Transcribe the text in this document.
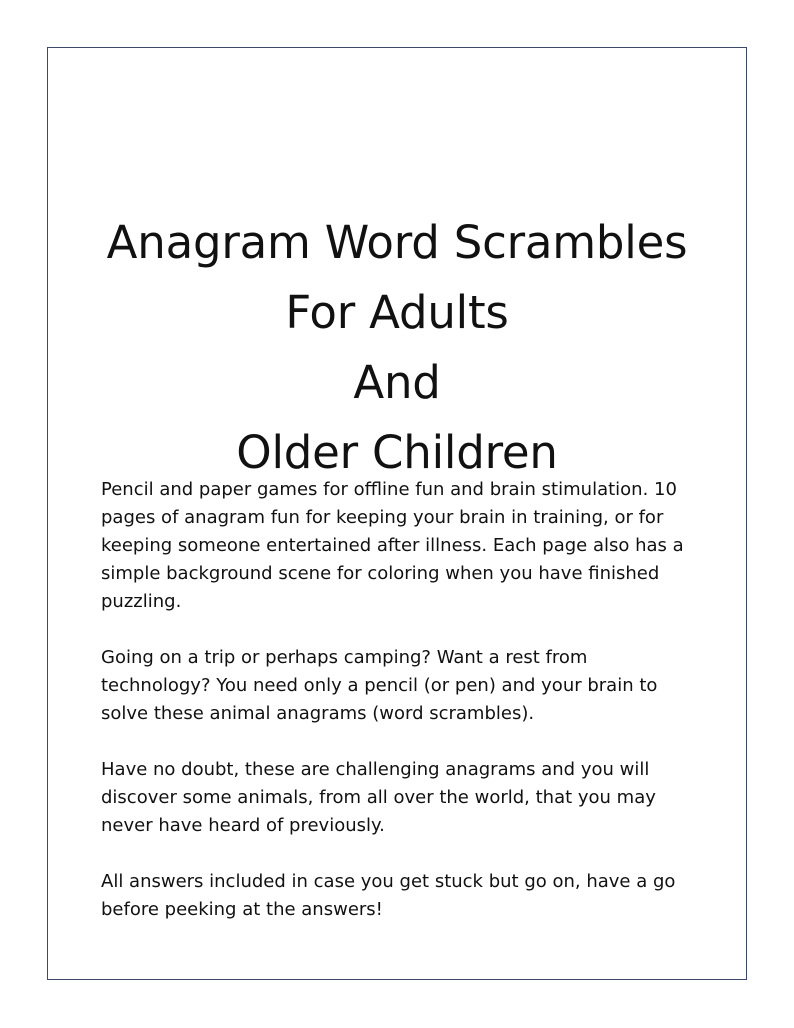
Anagram Word Scrambles
For Adults
And
Older Children

Pencil and paper games for offline fun and brain stimulation. 10 pages of anagram fun for keeping your brain in training, or for keeping someone entertained after illness. Each page also has a simple background scene for coloring when you have finished puzzling.

Going on a trip or perhaps camping? Want a rest from technology? You need only a pencil (or pen) and your brain to solve these animal anagrams (word scrambles).

Have no doubt, these are challenging anagrams and you will discover some animals, from all over the world, that you may never have heard of previously.

All answers included in case you get stuck but go on, have a go before peeking at the answers!
